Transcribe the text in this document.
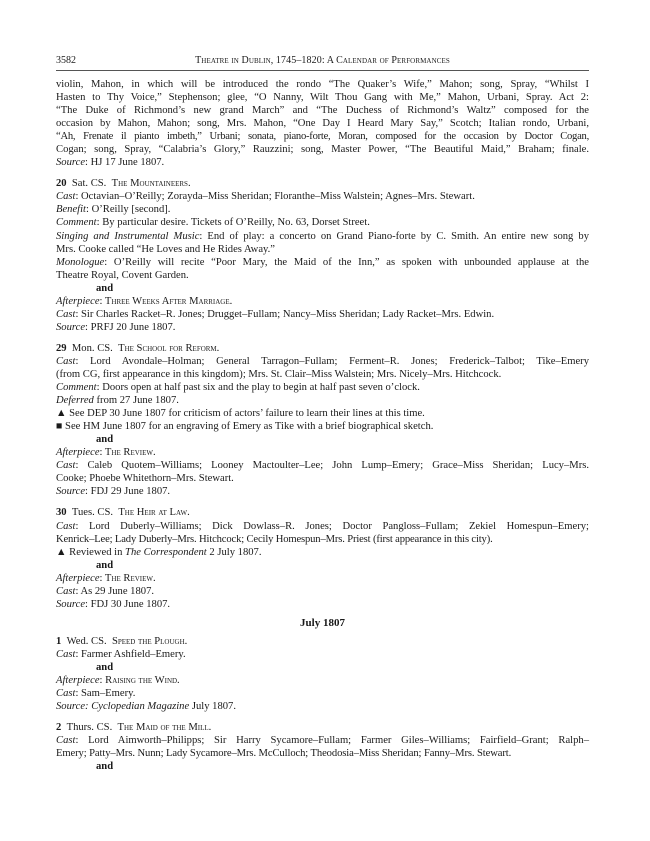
3582	Theatre in Dublin, 1745–1820: A Calendar of Performances
violin, Mahon, in which will be introduced the rondo “The Quaker’s Wife,” Mahon; song, Spray, “Whilst I
Hasten to Thy Voice,” Stephenson; glee, “O Nanny, Wilt Thou Gang with Me,” Mahon, Urbani, Spray. Act 2:
“The Duke of Richmond’s new grand March” and “The Duchess of Richmond’s Waltz” composed for the
occasion by Mahon, Mahon; song, Mrs. Mahon, “One Day I Heard Mary Say,” Scotch; Italian rondo, Urbani,
“Ah, Frenate il pianto imbeth,” Urbani; sonata, piano-forte, Moran, composed for the occasion by Doctor Cogan,
Cogan; song, Spray, “Calabria’s Glory,” Rauzzini; song, Master Power, “The Beautiful Maid,” Braham; finale.
Source: HJ 17 June 1807.
20 Sat. CS. The Mountaineers.
Cast: Octavian–O’Reilly; Zorayda–Miss Sheridan; Floranthe–Miss Walstein; Agnes–Mrs. Stewart.
Benefit: O’Reilly [second].
Comment: By particular desire. Tickets of O’Reilly, No. 63, Dorset Street.
Singing and Instrumental Music: End of play: a concerto on Grand Piano-forte by C. Smith. An entire new song by
Mrs. Cooke called “He Loves and He Rides Away.”
Monologue: O’Reilly will recite “Poor Mary, the Maid of the Inn,” as spoken with unbounded applause at the
Theatre Royal, Covent Garden.
and
Afterpiece: Three Weeks After Marriage.
Cast: Sir Charles Racket–R. Jones; Drugget–Fullam; Nancy–Miss Sheridan; Lady Racket–Mrs. Edwin.
Source: PRFJ 20 June 1807.
29 Mon. CS. The School for Reform.
Cast: Lord Avondale–Holman; General Tarragon–Fullam; Ferment–R. Jones; Frederick–Talbot; Tike–Emery
(from CG, first appearance in this kingdom); Mrs. St. Clair–Miss Walstein; Mrs. Nicely–Mrs. Hitchcock.
Comment: Doors open at half past six and the play to begin at half past seven o’clock.
Deferred from 27 June 1807.
▲ See DEP 30 June 1807 for criticism of actors’ failure to learn their lines at this time.
■ See HM June 1807 for an engraving of Emery as Tike with a brief biographical sketch.
and
Afterpiece: The Review.
Cast: Caleb Quotem–Williams; Looney Mactoulter–Lee; John Lump–Emery; Grace–Miss Sheridan; Lucy–Mrs.
Cooke; Phoebe Whitethorn–Mrs. Stewart.
Source: FDJ 29 June 1807.
30 Tues. CS. The Heir at Law.
Cast: Lord Duberly–Williams; Dick Dowlass–R. Jones; Doctor Pangloss–Fullam; Zekiel Homespun–Emery;
Kenrick–Lee; Lady Duberly–Mrs. Hitchcock; Cecily Homespun–Mrs. Priest (first appearance in this city).
▲ Reviewed in The Correspondent 2 July 1807.
and
Afterpiece: The Review.
Cast: As 29 June 1807.
Source: FDJ 30 June 1807.
July 1807
1 Wed. CS. Speed the Plough.
Cast: Farmer Ashfield–Emery.
and
Afterpiece: Raising the Wind.
Cast: Sam–Emery.
Source: Cyclopedian Magazine July 1807.
2 Thurs. CS. The Maid of the Mill.
Cast: Lord Aimworth–Philipps; Sir Harry Sycamore–Fullam; Farmer Giles–Williams; Fairfield–Grant; Ralph–
Emery; Patty–Mrs. Nunn; Lady Sycamore–Mrs. McCulloch; Theodosia–Miss Sheridan; Fanny–Mrs. Stewart.
and
